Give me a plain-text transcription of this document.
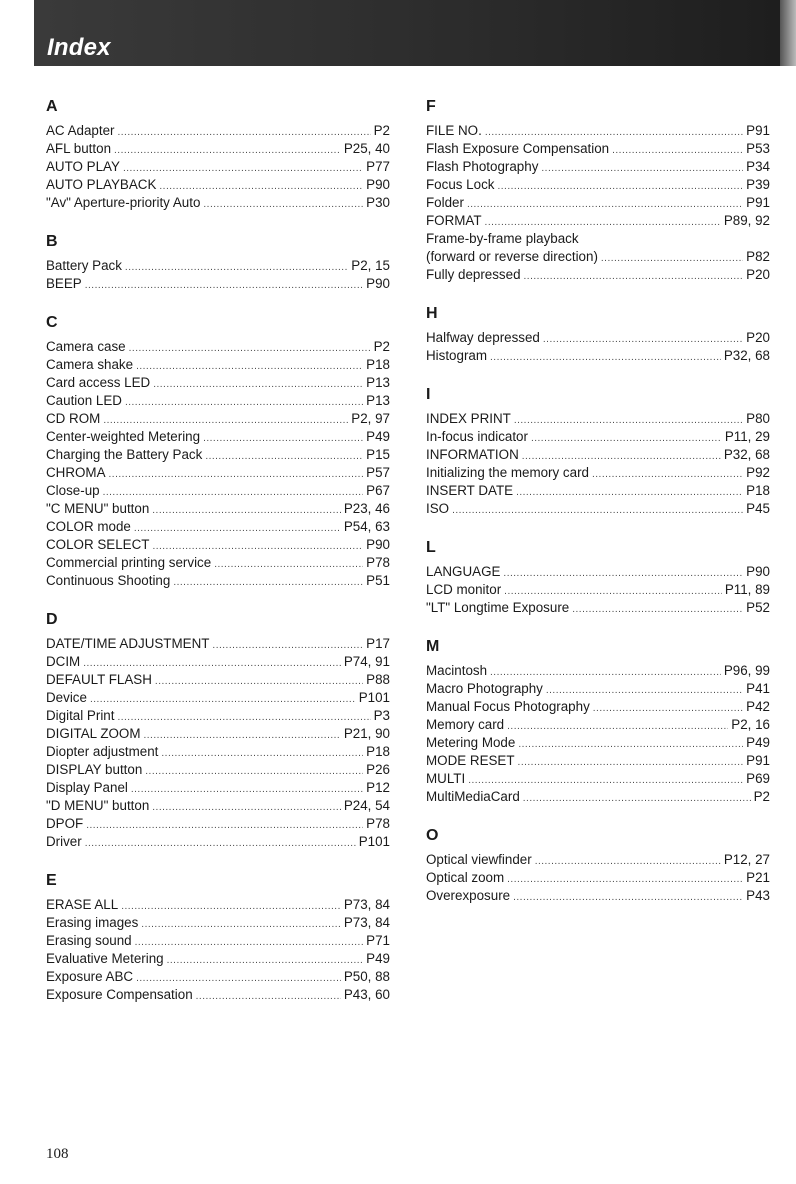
Index
A
AC Adapter .....	P2
AFL button .....	P25, 40
AUTO PLAY .....	P77
AUTO PLAYBACK .....	P90
"Av" Aperture-priority Auto .....	P30
B
Battery Pack .....	P2, 15
BEEP .....	P90
C
Camera case .....	P2
Camera shake .....	P18
Card access LED .....	P13
Caution LED .....	P13
CD ROM .....	P2, 97
Center-weighted Metering .....	P49
Charging the Battery Pack .....	P15
CHROMA .....	P57
Close-up .....	P67
"C MENU" button .....	P23, 46
COLOR mode .....	P54, 63
COLOR SELECT .....	P90
Commercial printing service .....	P78
Continuous Shooting .....	P51
D
DATE/TIME ADJUSTMENT .....	P17
DCIM .....	P74, 91
DEFAULT FLASH .....	P88
Device .....	P101
Digital Print .....	P3
DIGITAL ZOOM .....	P21, 90
Diopter adjustment .....	P18
DISPLAY button .....	P26
Display Panel .....	P12
"D MENU" button .....	P24, 54
DPOF .....	P78
Driver .....	P101
E
ERASE ALL .....	P73, 84
Erasing images .....	P73, 84
Erasing sound .....	P71
Evaluative Metering .....	P49
Exposure ABC .....	P50, 88
Exposure Compensation .....	P43, 60
F
FILE NO. .....	P91
Flash Exposure Compensation .....	P53
Flash Photography .....	P34
Focus Lock .....	P39
Folder .....	P91
FORMAT .....	P89, 92
Frame-by-frame playback
(forward or reverse direction) .....	P82
Fully depressed .....	P20
H
Halfway depressed .....	P20
Histogram .....	P32, 68
I
INDEX PRINT .....	P80
In-focus indicator .....	P11, 29
INFORMATION .....	P32, 68
Initializing the memory card .....	P92
INSERT DATE .....	P18
ISO .....	P45
L
LANGUAGE .....	P90
LCD monitor .....	P11, 89
"LT" Longtime Exposure .....	P52
M
Macintosh .....	P96, 99
Macro Photography .....	P41
Manual Focus Photography .....	P42
Memory card .....	P2, 16
Metering Mode .....	P49
MODE RESET .....	P91
MULTI .....	P69
MultiMediaCard .....	P2
O
Optical viewfinder .....	P12, 27
Optical zoom .....	P21
Overexposure .....	P43
108
